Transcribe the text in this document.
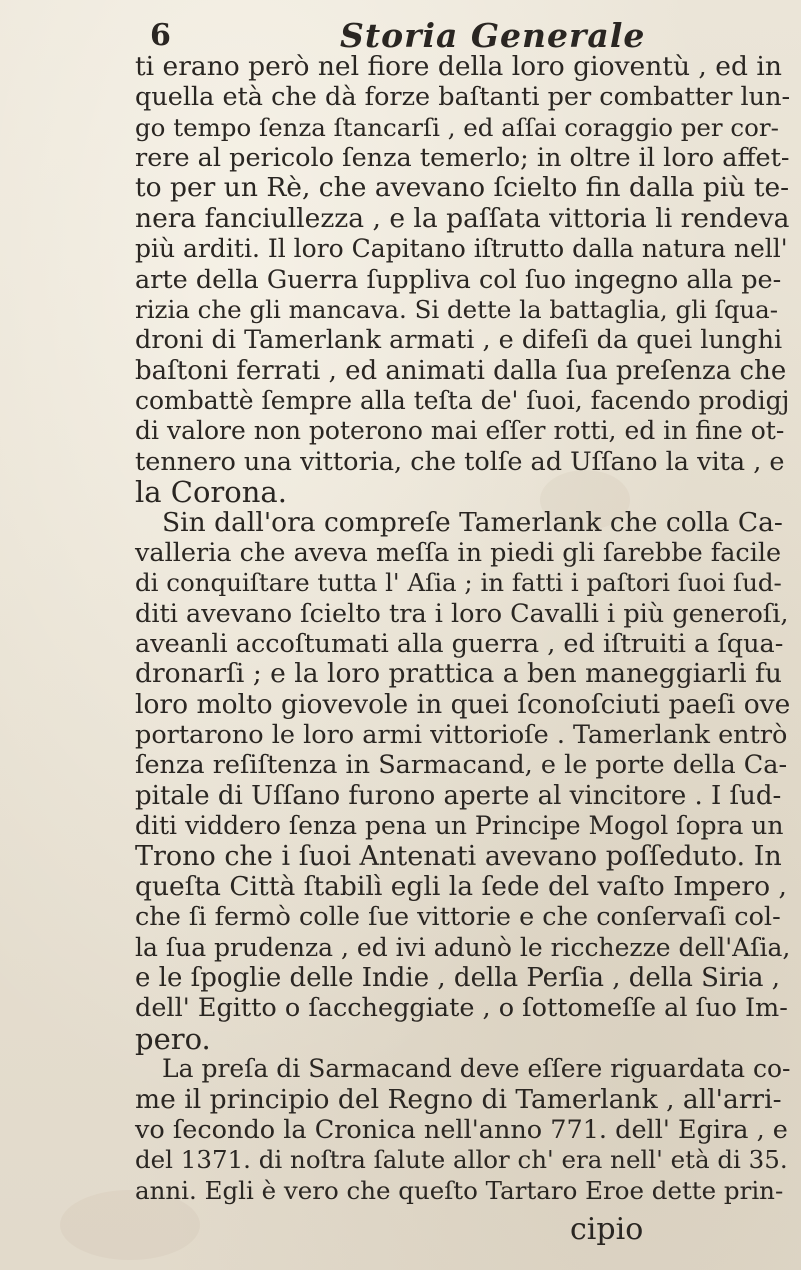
6	Storia Generale
ti erano però nel fiore della loro gioventù , ed in
quella età che dà forze baſtanti per combatter lun-
go tempo ſenza ſtancarſi , ed aſſai coraggio per cor-
rere al pericolo ſenza temerlo; in oltre il loro affet-
to per un Rè, che avevano ſcielto fin dalla più te-
nera fanciullezza , e la paſſata vittoria li rendeva
più arditi. Il loro Capitano iſtrutto dalla natura nell'
arte della Guerra ſuppliva col ſuo ingegno alla pe-
rizia che gli mancava. Si dette la battaglia, gli ſqua-
droni di Tamerlank armati , e difeſi da quei lunghi
baſtoni ferrati , ed animati dalla ſua preſenza che
combattè ſempre alla teſta de' ſuoi, facendo prodigj
di valore non poterono mai eſſer rotti, ed in fine ot-
tennero una vittoria, che tolſe ad Uſſano la vita , e
la Corona.
Sin dall'ora compreſe Tamerlank che colla Ca-
valleria che aveva meſſa in piedi gli ſarebbe facile
di conquiſtare tutta l' Aſia ; in fatti i paſtori ſuoi ſud-
diti avevano ſcielto tra i loro Cavalli i più generoſi,
aveanli accoſtumati alla guerra , ed iſtruiti a ſqua-
dronarſi ; e la loro prattica a ben maneggiarli fu
loro molto giovevole in quei ſconoſciuti paeſi ove
portarono le loro armi vittorioſe . Tamerlank entrò
ſenza reſiſtenza in Sarmacand, e le porte della Ca-
pitale di Uſſano furono aperte al vincitore . I ſud-
diti viddero ſenza pena un Principe Mogol ſopra un
Trono che i ſuoi Antenati avevano poſſeduto. In
queſta Città ſtabilì egli la ſede del vaſto Impero ,
che ſi fermò colle ſue vittorie e che conſervaſi col-
la ſua prudenza , ed ivi adunò le ricchezze dell'Aſia,
e le ſpoglie delle Indie , della Perſia , della Siria ,
dell' Egitto o ſaccheggiate , o ſottomeſſe al ſuo Im-
pero.
La preſa di Sarmacand deve eſſere riguardata co-
me il principio del Regno di Tamerlank , all'arri-
vo ſecondo la Cronica nell'anno 771. dell' Egira , e
del 1371. di noſtra ſalute allor ch' era nell' età di 35.
anni. Egli è vero che queſto Tartaro Eroe dette prin-
cipio
